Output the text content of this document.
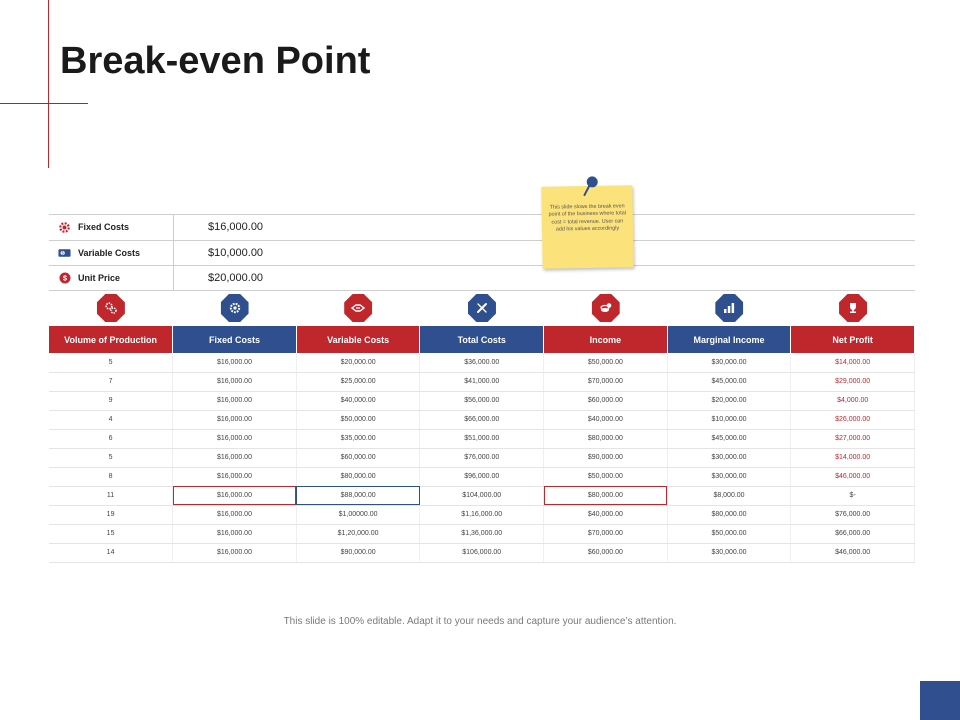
Break-even Point
Fixed Costs	$16,000.00
$ Variable Costs	$10,000.00
$ Unit Price	$20,000.00
This slide slows the break even point of the business where total cost = total revenue. User can add his values accordingly
Volume of Production	Fixed Costs	Variable Costs	Total Costs	Income	Marginal Income	Net Profit
5	$16,000.00	$20,000.00	$36,000.00	$50,000.00	$30,000.00	$14,000.00
7	$16,000.00	$25,000.00	$41,000.00	$70,000.00	$45,000.00	$29,000.00
9	$16,000.00	$40,000.00	$56,000.00	$60,000.00	$20,000.00	$4,000.00
4	$16,000.00	$50,000.00	$66,000.00	$40,000.00	$10,000.00	$26,000.00
6	$16,000.00	$35,000.00	$51,000.00	$80,000.00	$45,000.00	$27,000.00
5	$16,000.00	$60,000.00	$76,000.00	$90,000.00	$30,000.00	$14,000.00
8	$16,000.00	$80,000.00	$96,000.00	$50,000.00	$30,000.00	$46,000.00
11	$16,000.00	$88,000.00	$104,000.00	$80,000.00	$8,000.00	$-
19	$16,000.00	$1,00000.00	$1,16,000.00	$40,000.00	$80,000.00	$76,000.00
15	$16,000.00	$1,20,000.00	$1,36,000.00	$70,000.00	$50,000.00	$66,000.00
14	$16,000.00	$90,000.00	$106,000.00	$60,000.00	$30,000.00	$46,000.00
This slide is 100% editable. Adapt it to your needs and capture your audience’s attention.
